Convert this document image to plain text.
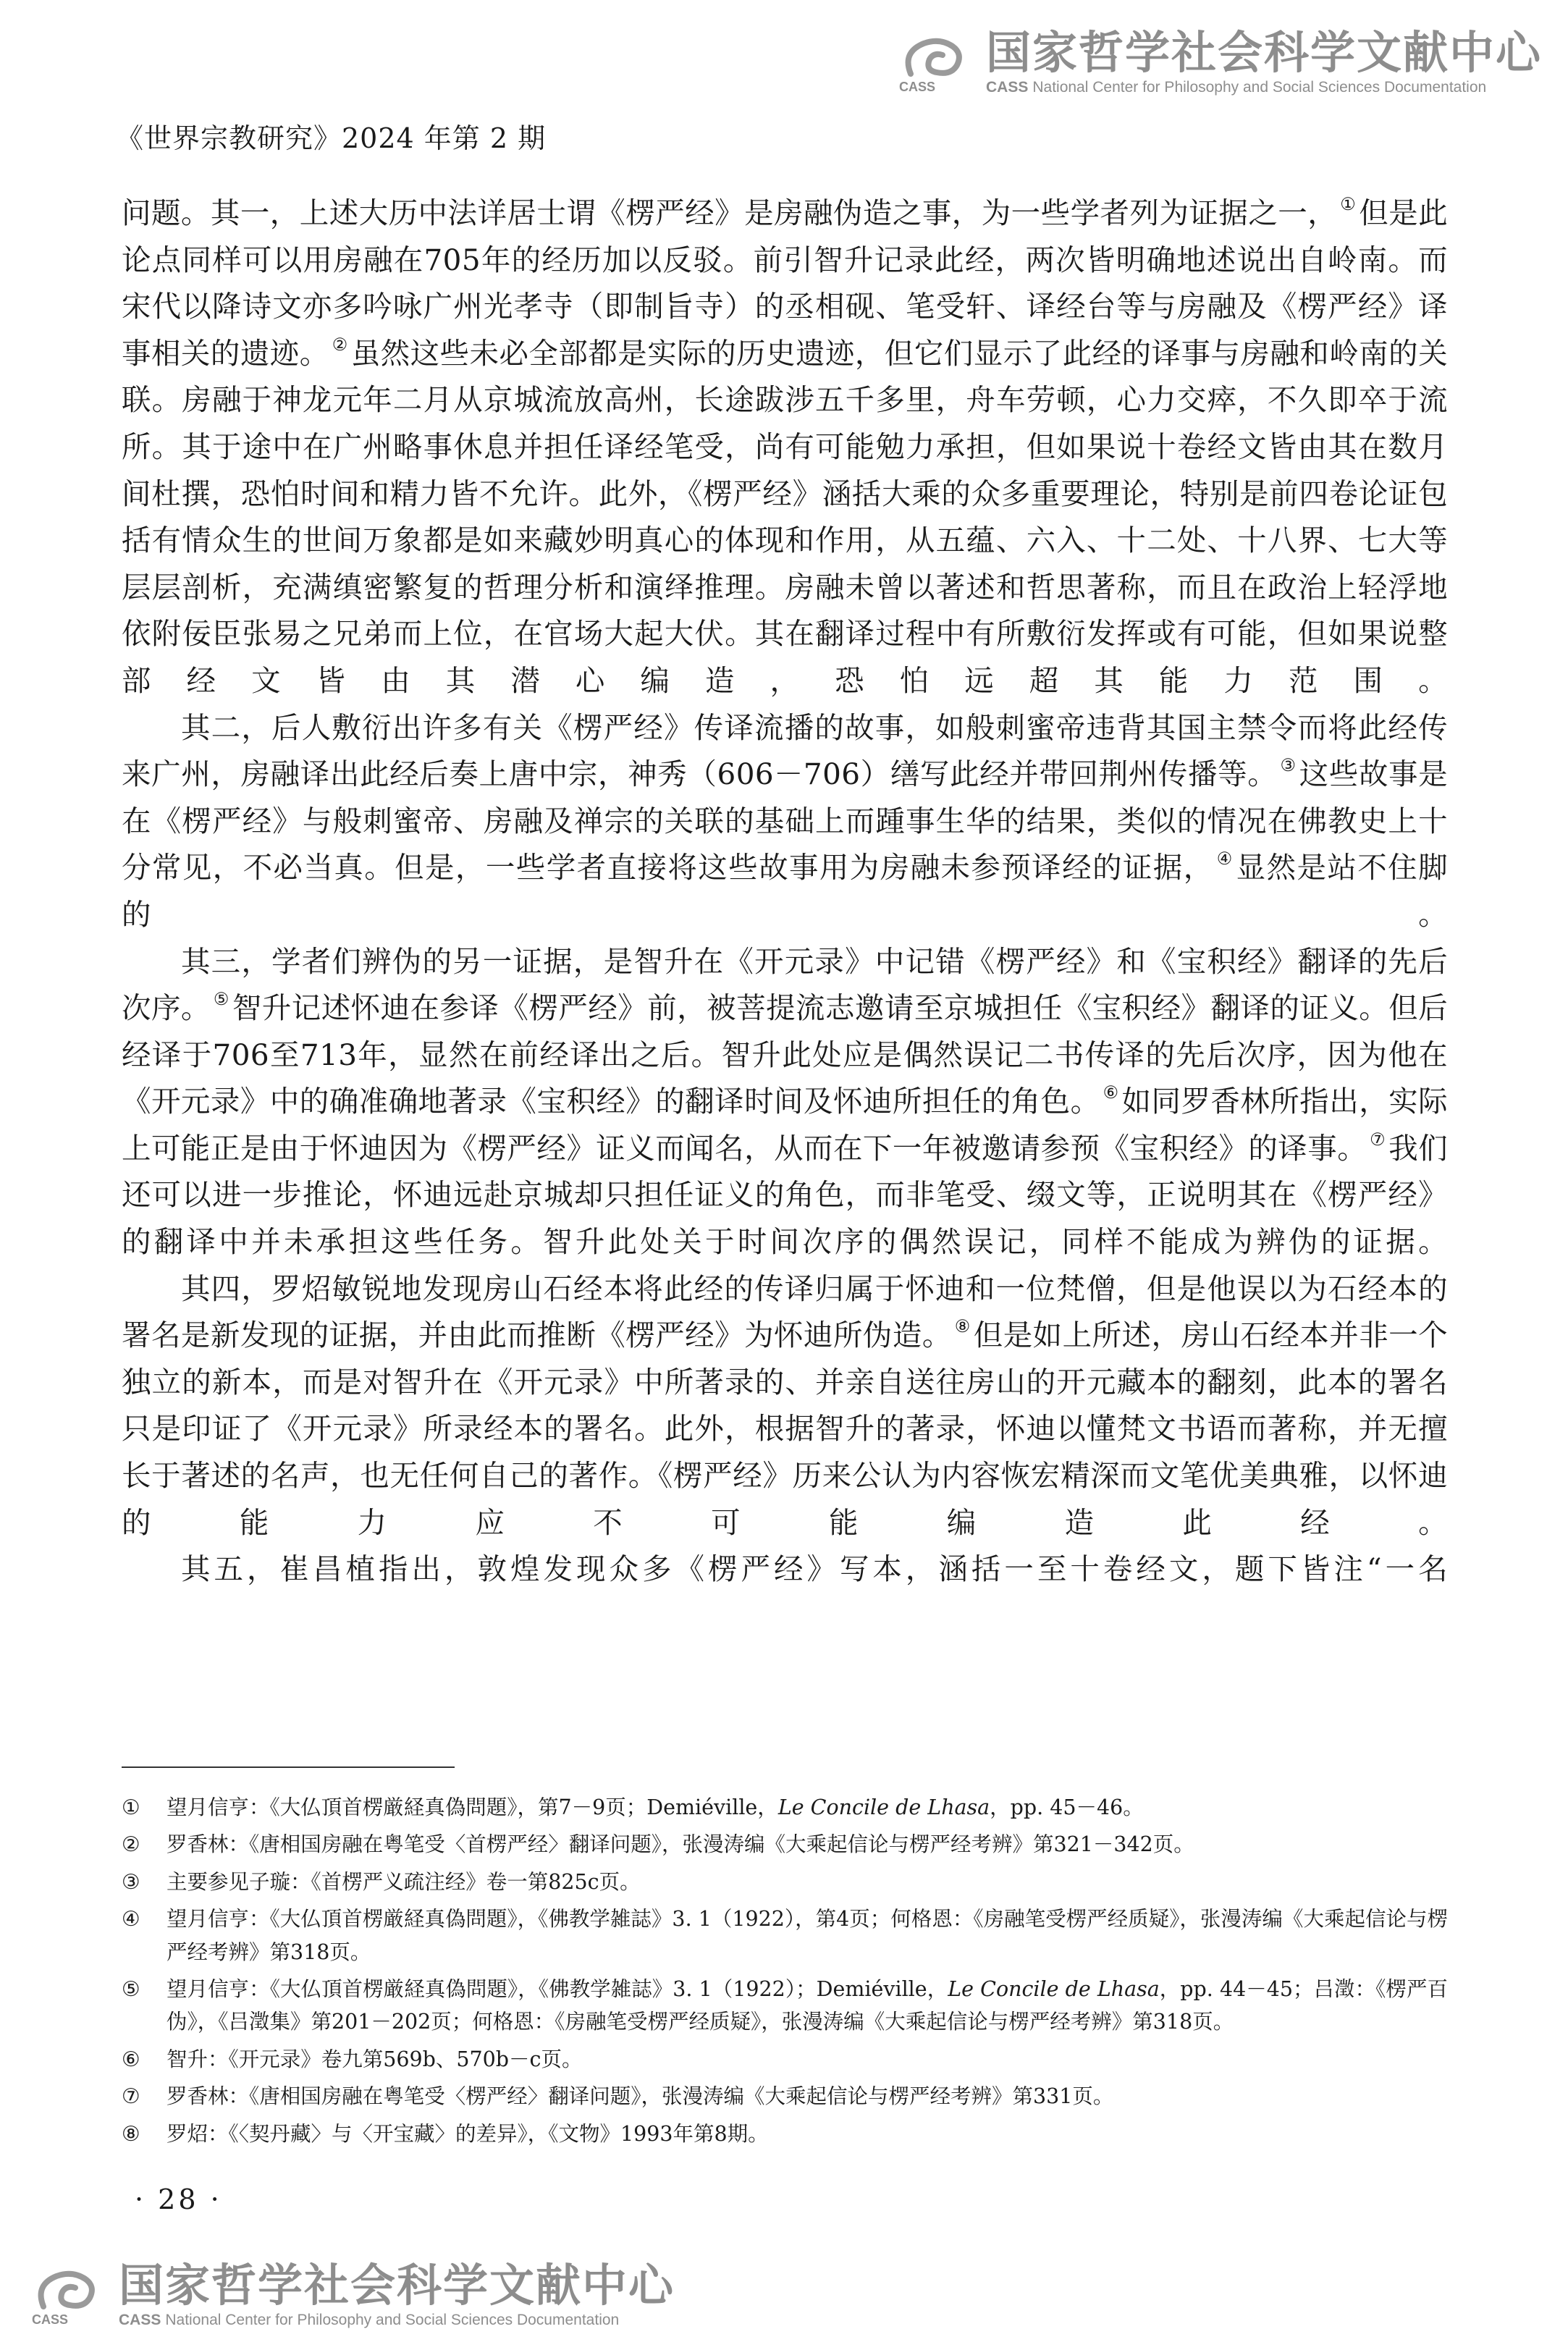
CASS
国家哲学社会科学文献中心
CASS National Center for Philosophy and Social Sciences Documentation
《世界宗教研究》2024 年第 2 期

问题。其一，上述大历中法详居士谓《楞严经》是房融伪造之事，为一些学者列为证据之一， ①但是此论点同样可以用房融在705年的经历加以反驳。前引智升记录此经，两次皆明确地述说出自岭南。而宋代以降诗文亦多吟咏广州光孝寺（即制旨寺）的丞相砚、笔受轩、译经台等与房融及《楞严经》译事相关的遗迹。 ②虽然这些未必全部都是实际的历史遗迹，但它们显示了此经的译事与房融和岭南的关联。房融于神龙元年二月从京城流放高州，长途跋涉五千多里，舟车劳顿，心力交瘁，不久即卒于流所。其于途中在广州略事休息并担任译经笔受，尚有可能勉力承担，但如果说十卷经文皆由其在数月间杜撰，恐怕时间和精力皆不允许。此外，《楞严经》涵括大乘的众多重要理论，特别是前四卷论证包括有情众生的世间万象都是如来藏妙明真心的体现和作用，从五蕴、六入、十二处、十八界、七大等层层剖析，充满缜密繁复的哲理分析和演绎推理。房融未曾以著述和哲思著称，而且在政治上轻浮地依附佞臣张易之兄弟而上位，在官场大起大伏。其在翻译过程中有所敷衍发挥或有可能，但如果说整部经文皆由其潜心编造，恐怕远超其能力范围。

其二，后人敷衍出许多有关《楞严经》传译流播的故事，如般刺蜜帝违背其国主禁令而将此经传来广州，房融译出此经后奏上唐中宗，神秀（606－706）缮写此经并带回荆州传播等。 ③这些故事是在《楞严经》与般刺蜜帝、房融及禅宗的关联的基础上而踵事生华的结果，类似的情况在佛教史上十分常见，不必当真。但是，一些学者直接将这些故事用为房融未参预译经的证据， ④显然是站不住脚的。

其三，学者们辨伪的另一证据，是智升在《开元录》中记错《楞严经》和《宝积经》翻译的先后次序。 ⑤智升记述怀迪在参译《楞严经》前，被菩提流志邀请至京城担任《宝积经》翻译的证义。但后经译于706至713年，显然在前经译出之后。智升此处应是偶然误记二书传译的先后次序，因为他在《开元录》中的确准确地著录《宝积经》的翻译时间及怀迪所担任的角色。 ⑥如同罗香林所指出，实际上可能正是由于怀迪因为《楞严经》证义而闻名，从而在下一年被邀请参预《宝积经》的译事。 ⑦我们还可以进一步推论，怀迪远赴京城却只担任证义的角色，而非笔受、缀文等，正说明其在《楞严经》的翻译中并未承担这些任务。智升此处关于时间次序的偶然误记，同样不能成为辨伪的证据。

其四，罗炤敏锐地发现房山石经本将此经的传译归属于怀迪和一位梵僧，但是他误以为石经本的署名是新发现的证据，并由此而推断《楞严经》为怀迪所伪造。 ⑧但是如上所述，房山石经本并非一个独立的新本，而是对智升在《开元录》中所著录的、并亲自送往房山的开元藏本的翻刻，此本的署名只是印证了《开元录》所录经本的署名。此外，根据智升的著录，怀迪以懂梵文书语而著称，并无擅长于著述的名声，也无任何自己的著作。《楞严经》历来公认为内容恢宏精深而文笔优美典雅，以怀迪的能力应不可能编造此经。

其五，崔昌植指出，敦煌发现众多《楞严经》写本，涵括一至十卷经文，题下皆注“一名

①	望月信亨：《大仏頂首楞厳経真偽問題》，第7－9页；Demiéville，Le Concile de Lhasa，pp. 45－46。
②	罗香林：《唐相国房融在粤笔受〈首楞严经〉翻译问题》，张漫涛编《大乘起信论与楞严经考辨》第321－342页。
③	主要参见子璇：《首楞严义疏注经》卷一第825c页。
④	望月信亨：《大仏頂首楞厳経真偽問題》，《佛教学雑誌》3. 1（1922），第4页；何格恩：《房融笔受楞严经质疑》，张漫涛编《大乘起信论与楞严经考辨》第318页。
⑤	望月信亨：《大仏頂首楞厳経真偽問題》，《佛教学雑誌》3. 1（1922）；Demiéville，Le Concile de Lhasa，pp. 44－45；吕澂：《楞严百伪》，《吕澂集》第201－202页；何格恩：《房融笔受楞严经质疑》，张漫涛编《大乘起信论与楞严经考辨》第318页。
⑥	智升：《开元录》卷九第569b、570b－c页。
⑦	罗香林：《唐相国房融在粤笔受〈楞严经〉翻译问题》，张漫涛编《大乘起信论与楞严经考辨》第331页。
⑧	罗炤：《〈契丹藏〉与〈开宝藏〉的差异》，《文物》1993年第8期。
· 28 ·
CASS
国家哲学社会科学文献中心
CASS National Center for Philosophy and Social Sciences Documentation
